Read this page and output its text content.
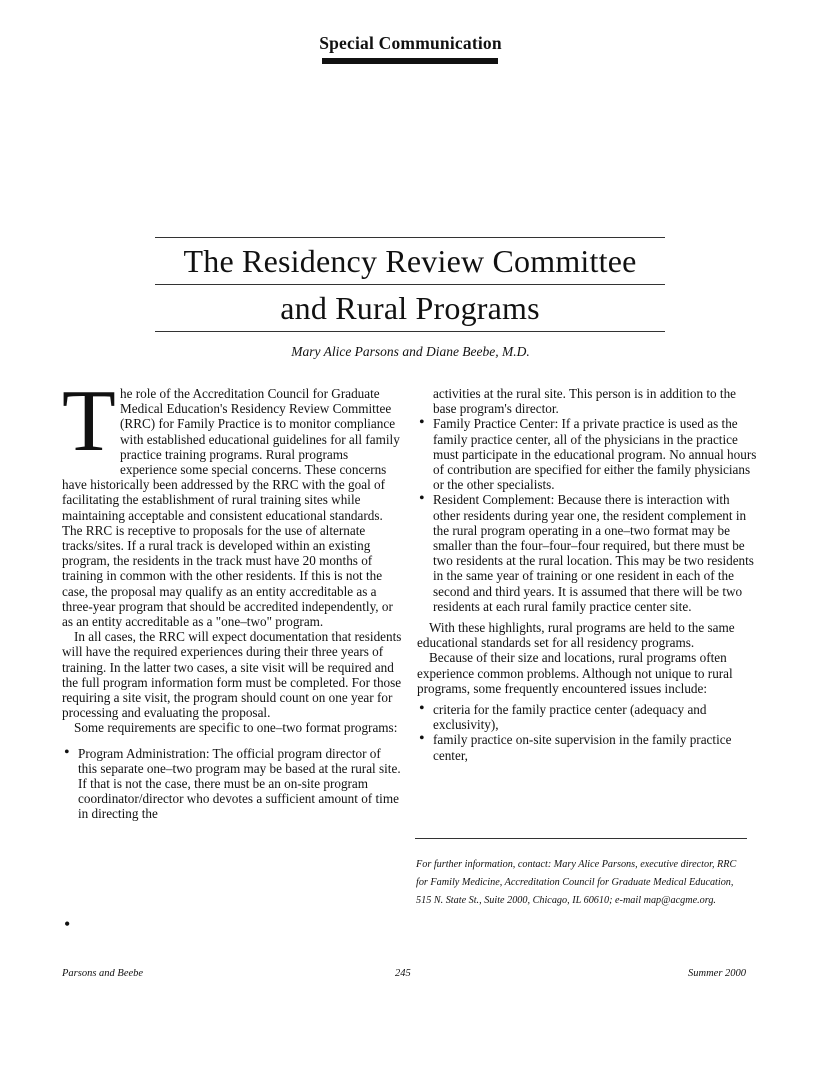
Special Communication
The Residency Review Committee
and Rural Programs
Mary Alice Parsons and Diane Beebe, M.D.

The role of the Accreditation Council for Graduate Medical Education's Residency Review Committee (RRC) for Family Practice is to monitor compliance with established educational guidelines for all family practice training programs. Rural programs experience some special concerns. These concerns have historically been addressed by the RRC with the goal of facilitating the establishment of rural training sites while maintaining acceptable and consistent educational standards. The RRC is receptive to proposals for the use of alternate tracks/sites. If a rural track is developed within an existing program, the residents in the track must have 20 months of training in common with the other residents. If this is not the case, the proposal may qualify as an entity accreditable as a three-year program that should be accredited independently, or as an entity accreditable as a "one–two" program.

In all cases, the RRC will expect documentation that residents will have the required experiences during their three years of training. In the latter two cases, a site visit will be required and the full program information form must be completed. For those requiring a site visit, the program should count on one year for processing and evaluating the proposal.

Some requirements are specific to one–two format programs:

• Program Administration: The official program director of this separate one–two program may be based at the rural site. If that is not the case, there must be an on-site program coordinator/director who devotes a sufficient amount of time in directing the
•

activities at the rural site. This person is in addition to the base program's director.

• Family Practice Center: If a private practice is used as the family practice center, all of the physicians in the practice must participate in the educational program. No annual hours of contribution are specified for either the family physicians or the other specialists.
• Resident Complement: Because there is interaction with other residents during year one, the resident complement in the rural program operating in a one–two format may be smaller than the four–four–four required, but there must be two residents at the rural location. This may be two residents in the same year of training or one resident in each of the second and third years. It is assumed that there will be two residents at each rural family practice center site.

With these highlights, rural programs are held to the same educational standards set for all residency programs.

Because of their size and locations, rural programs often experience common problems. Although not unique to rural programs, some frequently encountered issues include:

• criteria for the family practice center (adequacy and exclusivity),
• family practice on-site supervision in the family practice center,
For further information, contact: Mary Alice Parsons, executive director, RRC for Family Medicine, Accreditation Council for Graduate Medical Education, 515 N. State St., Suite 2000, Chicago, IL 60610; e-mail map@acgme.org.
Parsons and Beebe	245	Summer 2000
